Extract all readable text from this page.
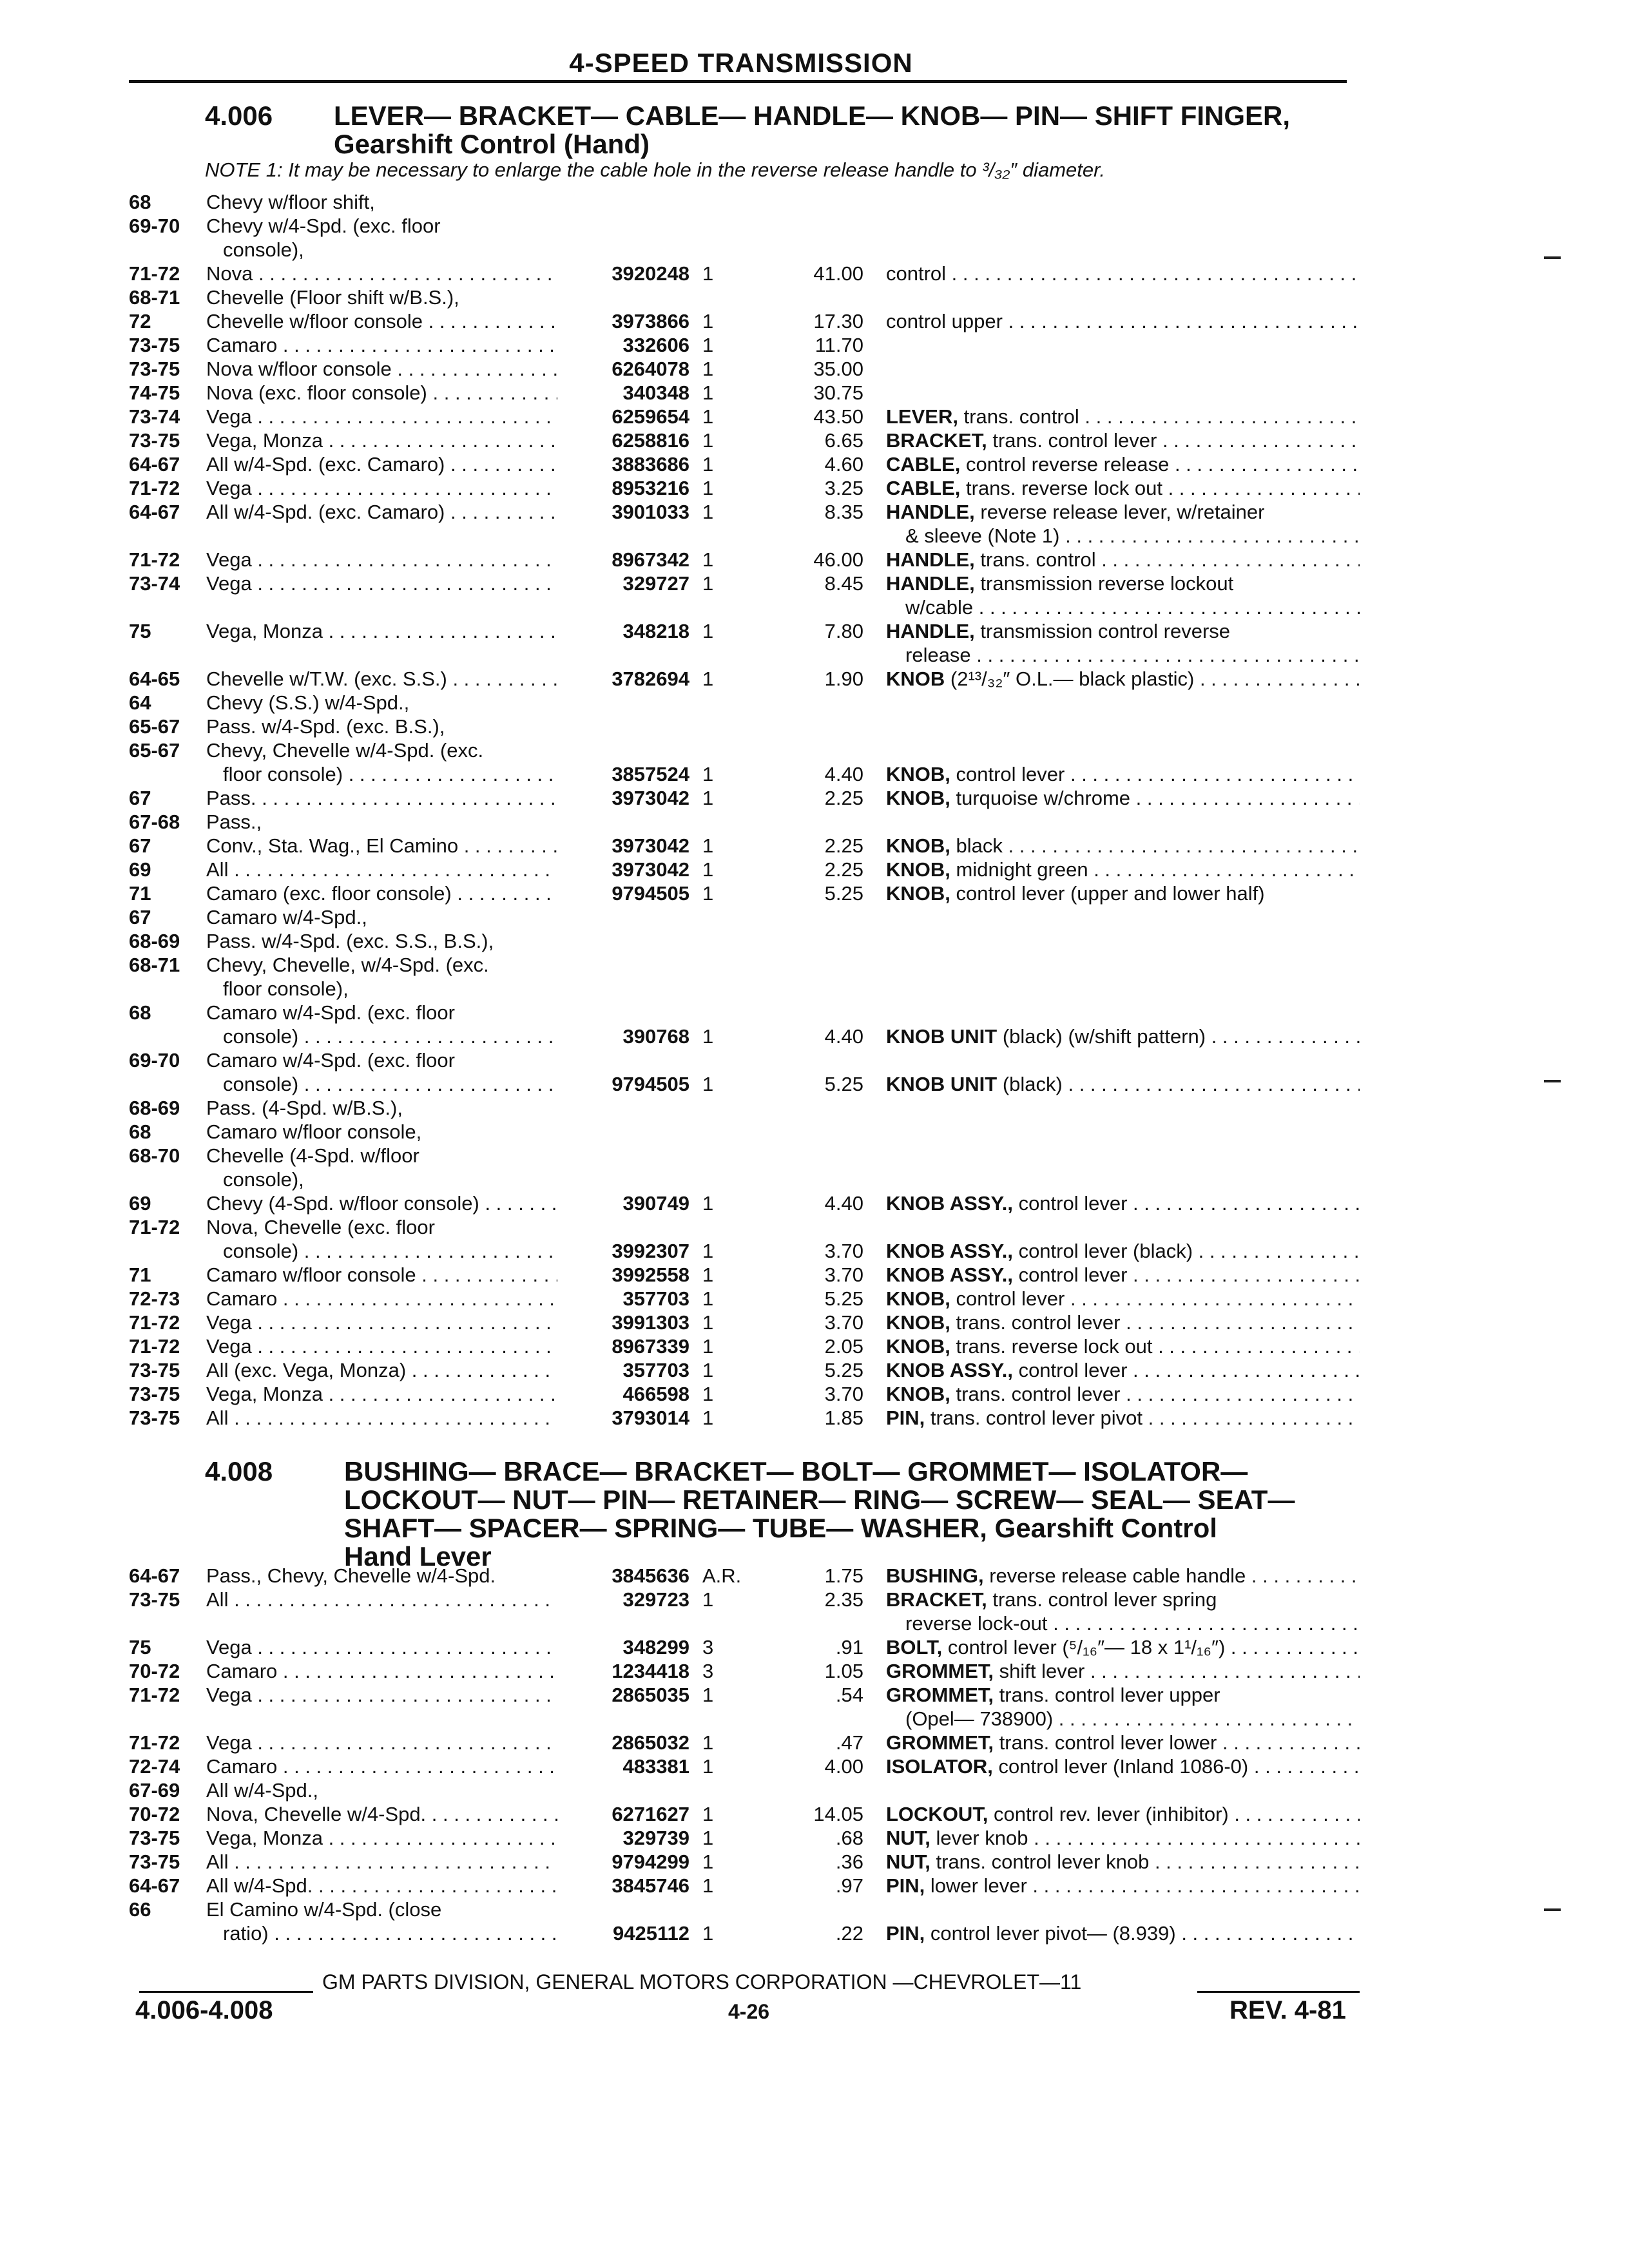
4-SPEED TRANSMISSION
4.006 LEVER— BRACKET— CABLE— HANDLE— KNOB— PIN— SHIFT FINGER,
Gearshift Control (Hand)
NOTE 1: It may be necessary to enlarge the cable hole in the reverse release handle to ³/₃₂″ diameter.
68	Chevy w/floor shift,
69-70 Chevy w/4-Spd. (exc. floor
console),
71-72 Nova . . .	3920248 1	41.00 control . . .
68-71 Chevelle (Floor shift w/B.S.),
72	Chevelle w/floor console . . .	3973866 1	17.30 control upper . . .
73-75 Camaro . . .	332606 1	11.70
73-75 Nova w/floor console . . .	6264078 1	35.00
74-75 Nova (exc. floor console) . . .	340348 1	30.75
73-74 Vega . . .	6259654 1	43.50 LEVER, trans. control . . .
73-75 Vega, Monza . . .	6258816 1	6.65 BRACKET, trans. control lever . . .
64-67 All w/4-Spd. (exc. Camaro) . . .	3883686 1	4.60 CABLE, control reverse release . . .
71-72 Vega . . .	8953216 1	3.25 CABLE, trans. reverse lock out . . .
64-67 All w/4-Spd. (exc. Camaro) . . .	3901033 1	8.35 HANDLE, reverse release lever, w/retainer
& sleeve (Note 1) . . .
71-72 Vega . . .	8967342 1	46.00 HANDLE, trans. control . . .
73-74 Vega . . .	329727 1	8.45 HANDLE, transmission reverse lockout
w/cable . . .
75	Vega, Monza . . .	348218 1	7.80 HANDLE, transmission control reverse
release . . .
64-65 Chevelle w/T.W. (exc. S.S.) . . .	3782694 1	1.90 KNOB (2¹³/₃₂″ O.L.— black plastic) . . .
64	Chevy (S.S.) w/4-Spd.,
65-67 Pass. w/4-Spd. (exc. B.S.),
65-67 Chevy, Chevelle w/4-Spd. (exc.
floor console) . . .	3857524 1	4.40 KNOB, control lever . . .
67	Pass. . . .	3973042 1	2.25 KNOB, turquoise w/chrome . . .
67-68 Pass.,
67	Conv., Sta. Wag., El Camino . . .	3973042 1	2.25 KNOB, black . . .
69	All . . .	3973042 1	2.25 KNOB, midnight green . . .
71	Camaro (exc. floor console) . . .	9794505 1	5.25 KNOB, control lever (upper and lower half)
67	Camaro w/4-Spd.,
68-69 Pass. w/4-Spd. (exc. S.S., B.S.),
68-71 Chevy, Chevelle, w/4-Spd. (exc.
floor console),
68	Camaro w/4-Spd. (exc. floor
console) . . .	390768 1	4.40 KNOB UNIT (black) (w/shift pattern) . . .
69-70 Camaro w/4-Spd. (exc. floor
console) . . .	9794505 1	5.25 KNOB UNIT (black) . . .
68-69 Pass. (4-Spd. w/B.S.),
68	Camaro w/floor console,
68-70 Chevelle (4-Spd. w/floor
console),
69	Chevy (4-Spd. w/floor console) . . .	390749 1	4.40 KNOB ASSY., control lever . . .
71-72 Nova, Chevelle (exc. floor
console) . . .	3992307 1	3.70 KNOB ASSY., control lever (black) . . .
71	Camaro w/floor console . . .	3992558 1	3.70 KNOB ASSY., control lever . . .
72-73 Camaro . . .	357703 1	5.25 KNOB, control lever . . .
71-72 Vega . . .	3991303 1	3.70 KNOB, trans. control lever . . .
71-72 Vega . . .	8967339 1	2.05 KNOB, trans. reverse lock out . . .
73-75 All (exc. Vega, Monza) . . .	357703 1	5.25 KNOB ASSY., control lever . . .
73-75 Vega, Monza . . .	466598 1	3.70 KNOB, trans. control lever . . .
73-75 All . . .	3793014 1	1.85 PIN, trans. control lever pivot . . .
4.008	BUSHING— BRACE— BRACKET— BOLT— GROMMET— ISOLATOR—
LOCKOUT— NUT— PIN— RETAINER— RING— SCREW— SEAL— SEAT—
SHAFT— SPACER— SPRING— TUBE— WASHER, Gearshift Control
Hand Lever
64-67 Pass., Chevy, Chevelle w/4-Spd.	3845636 A.R.	1.75 BUSHING, reverse release cable handle . . .
73-75 All . . .	329723 1	2.35 BRACKET, trans. control lever spring
reverse lock-out . . .
75	Vega . . .	348299 3	.91 BOLT, control lever (⁵/₁₆″— 18 x 1¹/₁₆″) . . .
70-72 Camaro . . .	1234418 3	1.05 GROMMET, shift lever . . .
71-72 Vega . . .	2865035 1	.54 GROMMET, trans. control lever upper
(Opel— 738900) . . .
71-72 Vega . . .	2865032 1	.47 GROMMET, trans. control lever lower . . .
72-74 Camaro . . .	483381 1	4.00 ISOLATOR, control lever (Inland 1086-0) . . .
67-69 All w/4-Spd.,
70-72 Nova, Chevelle w/4-Spd. . . .	6271627 1	14.05 LOCKOUT, control rev. lever (inhibitor) . . .
73-75 Vega, Monza . . .	329739 1	.68 NUT, lever knob . . .
73-75 All . . .	9794299 1	.36 NUT, trans. control lever knob . . .
64-67 All w/4-Spd. . . .	3845746 1	.97 PIN, lower lever . . .
66	El Camino w/4-Spd. (close
ratio) . . .	9425112 1	.22 PIN, control lever pivot— (8.939) . . .
GM PARTS DIVISION, GENERAL MOTORS CORPORATION —CHEVROLET—11
4.006-4.008	4-26	REV. 4-81
